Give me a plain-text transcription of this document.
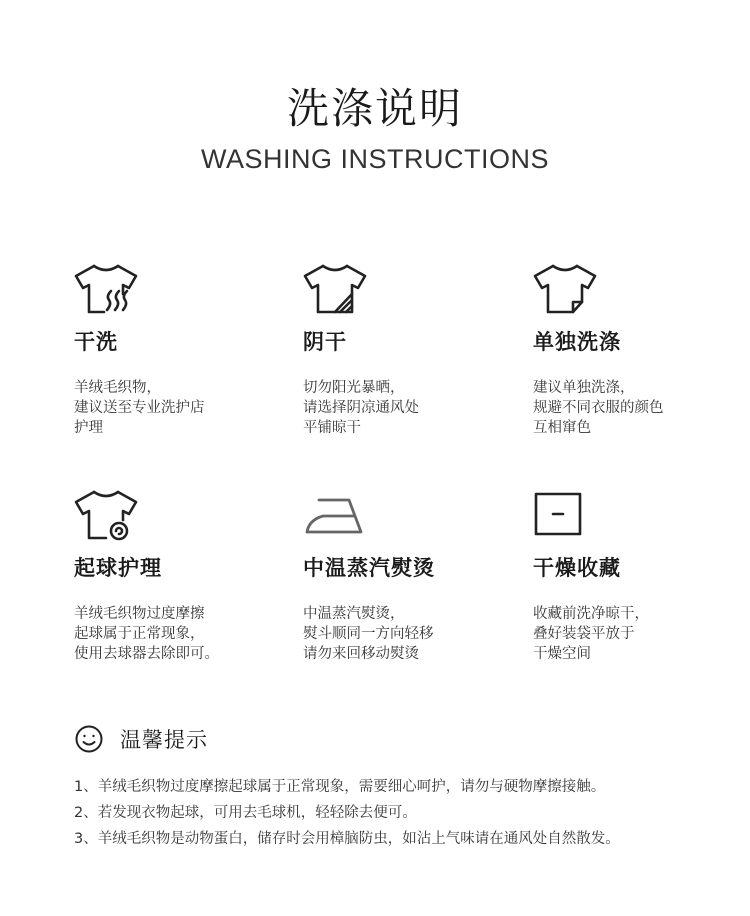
洗涤说明
WASHING INSTRUCTIONS
干洗
羊绒毛织物，
建议送至专业洗护店
护理
阴干
切勿阳光暴晒，
请选择阴凉通风处
平铺晾干
单独洗涤
建议单独洗涤，
规避不同衣服的颜色
互相窜色
起球护理
羊绒毛织物过度摩擦
起球属于正常现象，
使用去球器去除即可。
中温蒸汽熨烫
中温蒸汽熨烫，
熨斗顺同一方向轻移
请勿来回移动熨烫
干燥收藏
收藏前洗净晾干，
叠好装袋平放于
干燥空间
温馨提示
1、羊绒毛织物过度摩擦起球属于正常现象，需要细心呵护，请勿与硬物摩擦接触。
2、若发现衣物起球，可用去毛球机，轻轻除去便可。
3、羊绒毛织物是动物蛋白，储存时会用樟脑防虫，如沾上气味请在通风处自然散发。
